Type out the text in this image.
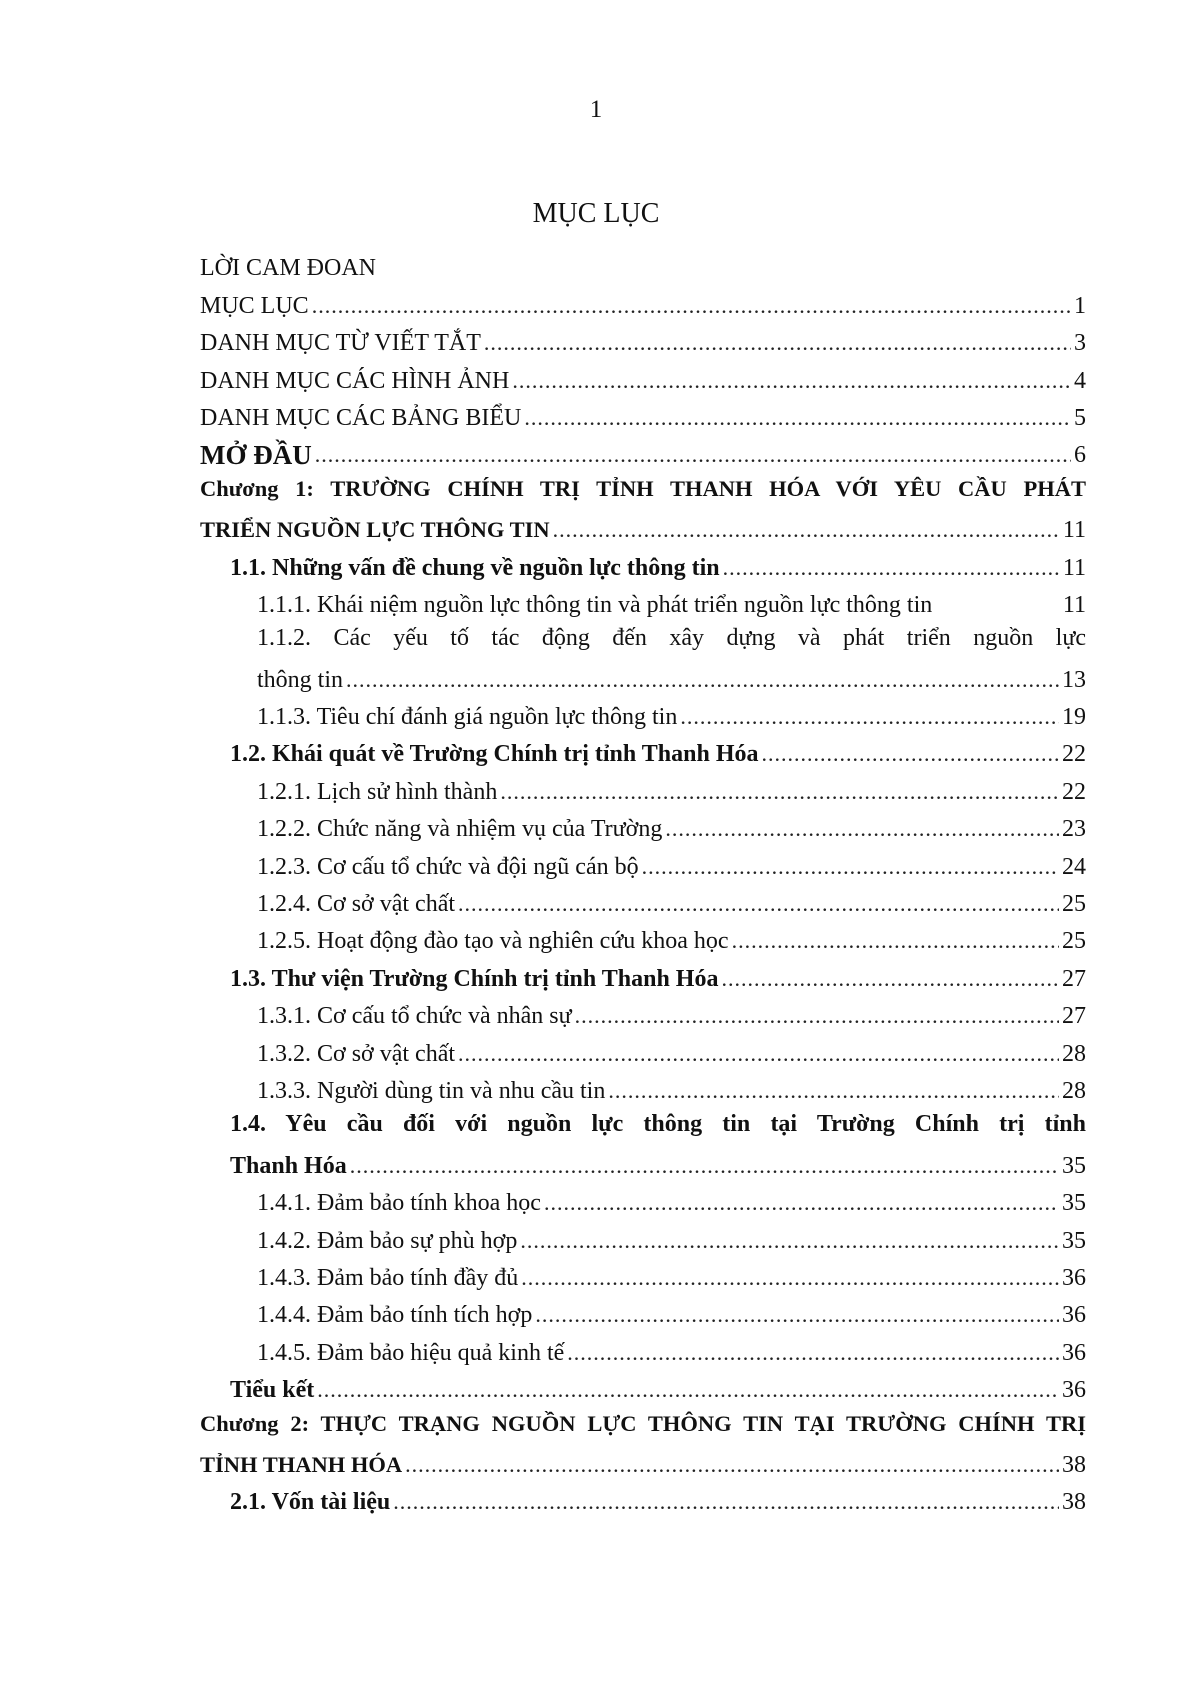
1
MỤC LỤC
LỜI CAM ĐOAN
MỤC LỤC .....	1
DANH MỤC TỪ VIẾT TẮT .....	3
DANH MỤC CÁC HÌNH ẢNH .....	4
DANH MỤC CÁC BẢNG BIỂU .....	5
MỞ ĐẦU .....	6
Chương 1: TRƯỜNG CHÍNH TRỊ TỈNH THANH HÓA VỚI YÊU CẦU PHÁT
TRIỂN NGUỒN LỰC THÔNG TIN .....	11
1.1. Những vấn đề chung về nguồn lực thông tin .....	11
1.1.1. Khái niệm nguồn lực thông tin và phát triển nguồn lực thông tin	11
1.1.2. Các yếu tố tác động đến xây dựng và phát triển nguồn lực
thông tin .....	13
1.1.3. Tiêu chí đánh giá nguồn lực thông tin .....	19
1.2. Khái quát về Trường Chính trị tỉnh Thanh Hóa .....	22
1.2.1. Lịch sử hình thành .....	22
1.2.2. Chức năng và nhiệm vụ của Trường .....	23
1.2.3. Cơ cấu tổ chức và đội ngũ cán bộ .....	24
1.2.4. Cơ sở vật chất .....	25
1.2.5. Hoạt động đào tạo và nghiên cứu khoa học .....	25
1.3. Thư viện Trường Chính trị tỉnh Thanh Hóa .....	27
1.3.1. Cơ cấu tổ chức và nhân sự .....	27
1.3.2. Cơ sở vật chất .....	28
1.3.3. Người dùng tin và nhu cầu tin .....	28
1.4. Yêu cầu đối với nguồn lực thông tin tại Trường Chính trị tỉnh
Thanh Hóa .....	35
1.4.1. Đảm bảo tính khoa học .....	35
1.4.2. Đảm bảo sự phù hợp .....	35
1.4.3. Đảm bảo tính đầy đủ .....	36
1.4.4. Đảm bảo tính tích hợp .....	36
1.4.5. Đảm bảo hiệu quả kinh tế .....	36
Tiểu kết .....	36
Chương 2: THỰC TRẠNG NGUỒN LỰC THÔNG TIN TẠI TRƯỜNG CHÍNH TRỊ
TỈNH THANH HÓA .....	38
2.1. Vốn tài liệu .....	38
